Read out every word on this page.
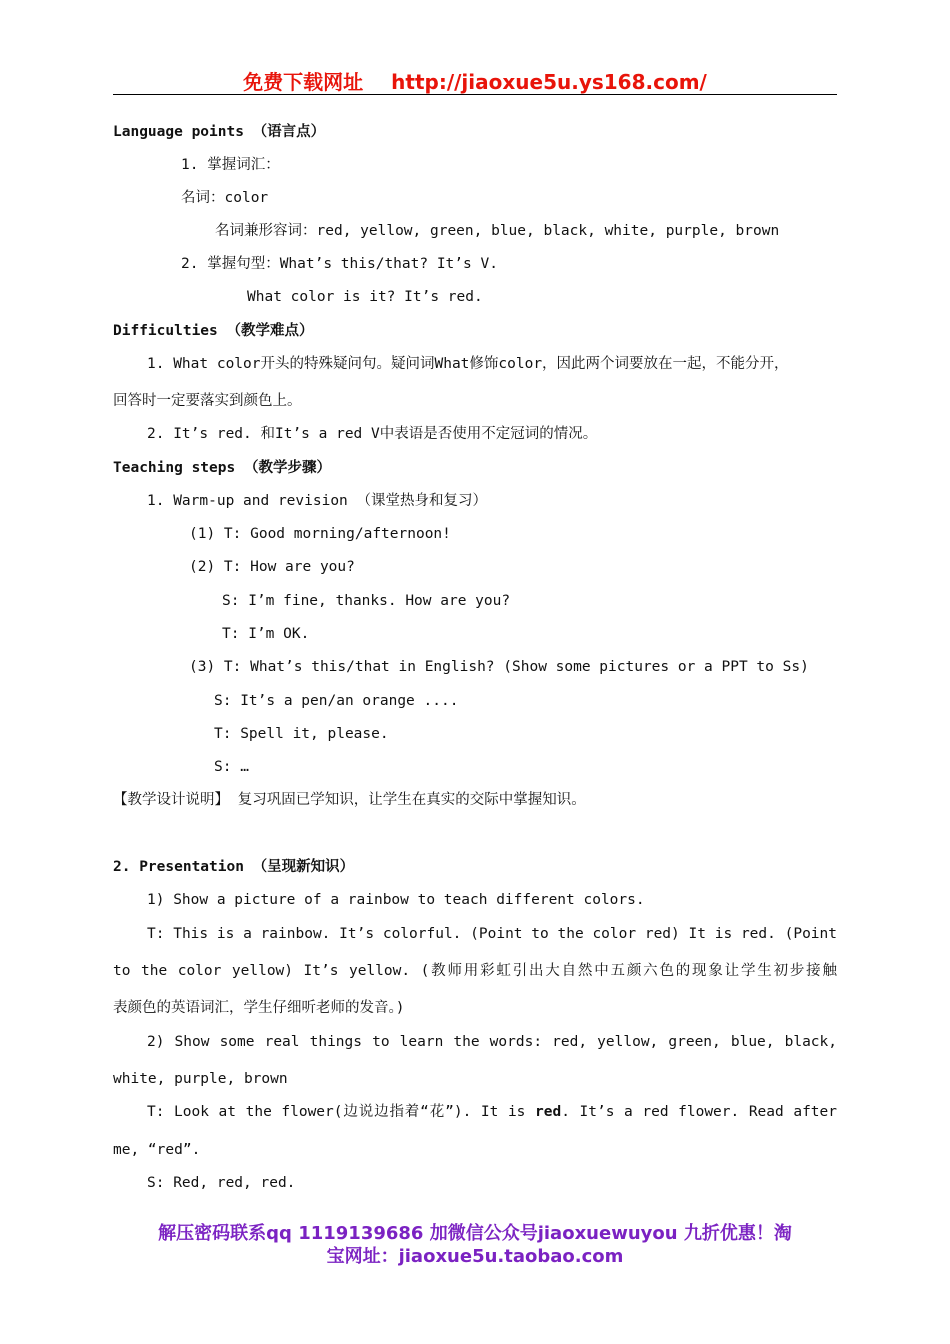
免费下载网址 http://jiaoxue5u.ys168.com/
Language points （语言点）
1. 掌握词汇：
名词：color
名词兼形容词：red, yellow, green, blue, black, white, purple, brown
2. 掌握句型：What’s this/that? It’s V.
What color is it? It’s red.
Difficulties （教学难点）
1. What color开头的特殊疑问句。疑问词What修饰color，因此两个词要放在一起，不能分开，
回答时一定要落实到颜色上。
2. It’s red. 和It’s a red V中表语是否使用不定冠词的情况。
Teaching steps （教学步骤）
1. Warm-up and revision （课堂热身和复习）
(1) T: Good morning/afternoon!
(2) T: How are you?
S: I’m fine, thanks. How are you?
T: I’m OK.
(3) T: What’s this/that in English? (Show some pictures or a PPT to Ss)
S: It’s a pen/an orange ....
T: Spell it, please.
S: …
【教学设计说明】 复习巩固已学知识，让学生在真实的交际中掌握知识。
2. Presentation （呈现新知识）
1) Show a picture of a rainbow to teach different colors.
T: This is a rainbow. It’s colorful. (Point to the color red) It is red. (Point
to the color yellow) It’s yellow. (教师用彩虹引出大自然中五颜六色的现象让学生初步接触
表颜色的英语词汇，学生仔细听老师的发音。)
2) Show some real things to learn the words: red, yellow, green, blue, black,
white, purple, brown
T: Look at the flower(边说边指着“花”). It is red. It’s a red flower. Read after
me, “red”.
S: Red, red, red.
解压密码联系qq 1119139686 加微信公众号jiaoxuewuyou 九折优惠！淘
宝网址：jiaoxue5u.taobao.com
